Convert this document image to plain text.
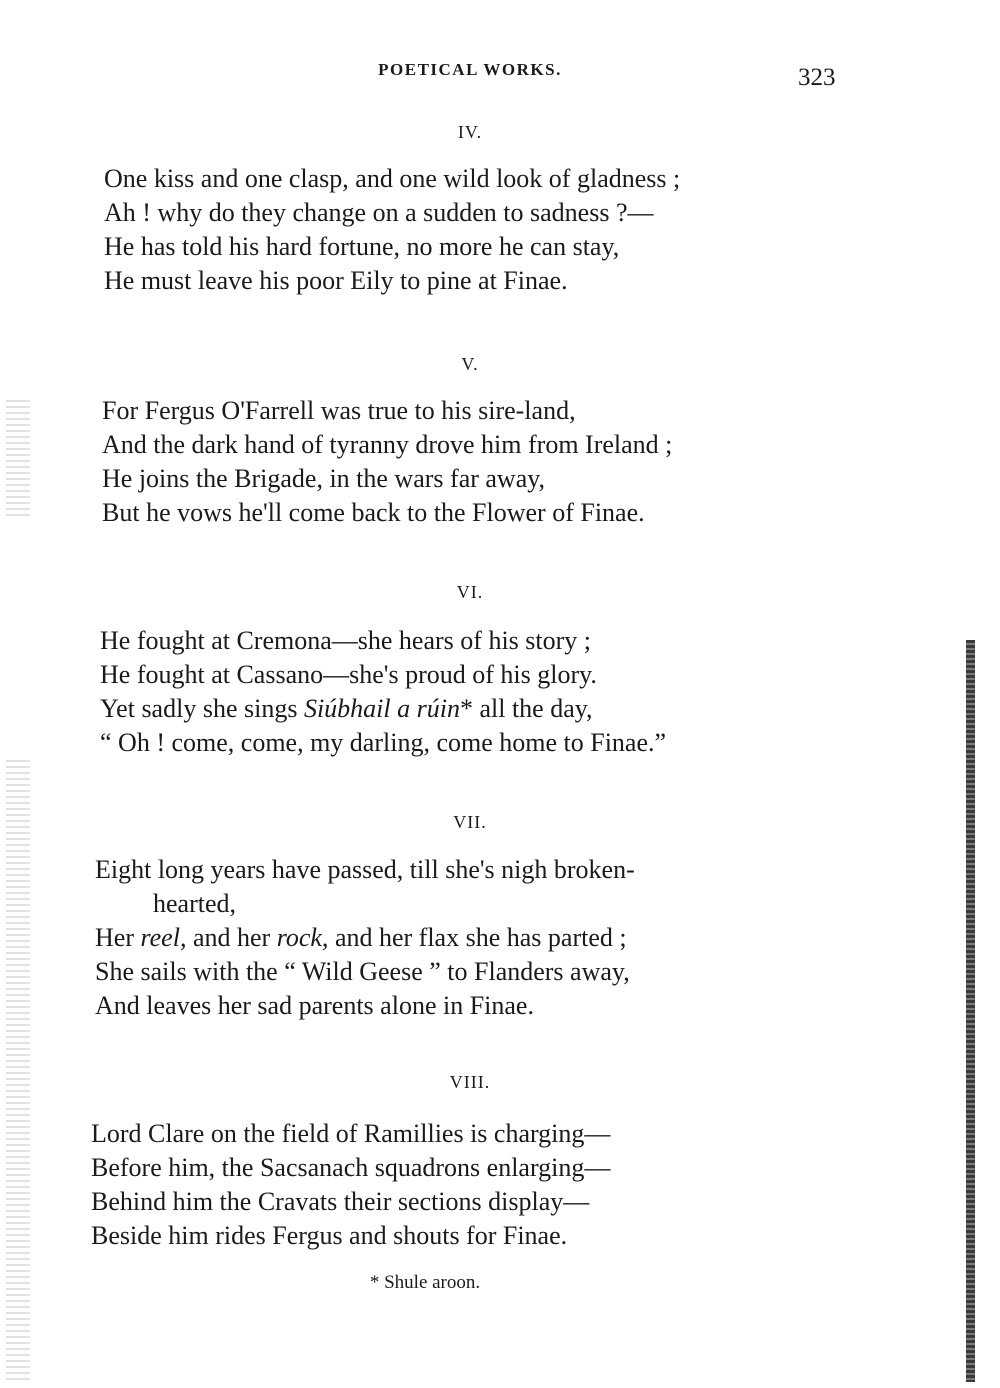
POETICAL WORKS.	323
IV.
One kiss and one clasp, and one wild look of gladness ;
Ah ! why do they change on a sudden to sadness ?—
He has told his hard fortune, no more he can stay,
He must leave his poor Eily to pine at Finae.
V.
For Fergus O'Farrell was true to his sire-land,
And the dark hand of tyranny drove him from Ireland ;
He joins the Brigade, in the wars far away,
But he vows he'll come back to the Flower of Finae.
VI.
He fought at Cremona—she hears of his story ;
He fought at Cassano—she's proud of his glory.
Yet sadly she sings Siúbhail a rúin* all the day,
“ Oh ! come, come, my darling, come home to Finae.”
VII.
Eight long years have passed, till she's nigh broken-
hearted,
Her reel, and her rock, and her flax she has parted ;
She sails with the “ Wild Geese ” to Flanders away,
And leaves her sad parents alone in Finae.
VIII.
Lord Clare on the field of Ramillies is charging—
Before him, the Sacsanach squadrons enlarging—
Behind him the Cravats their sections display—
Beside him rides Fergus and shouts for Finae.
* Shule aroon.
